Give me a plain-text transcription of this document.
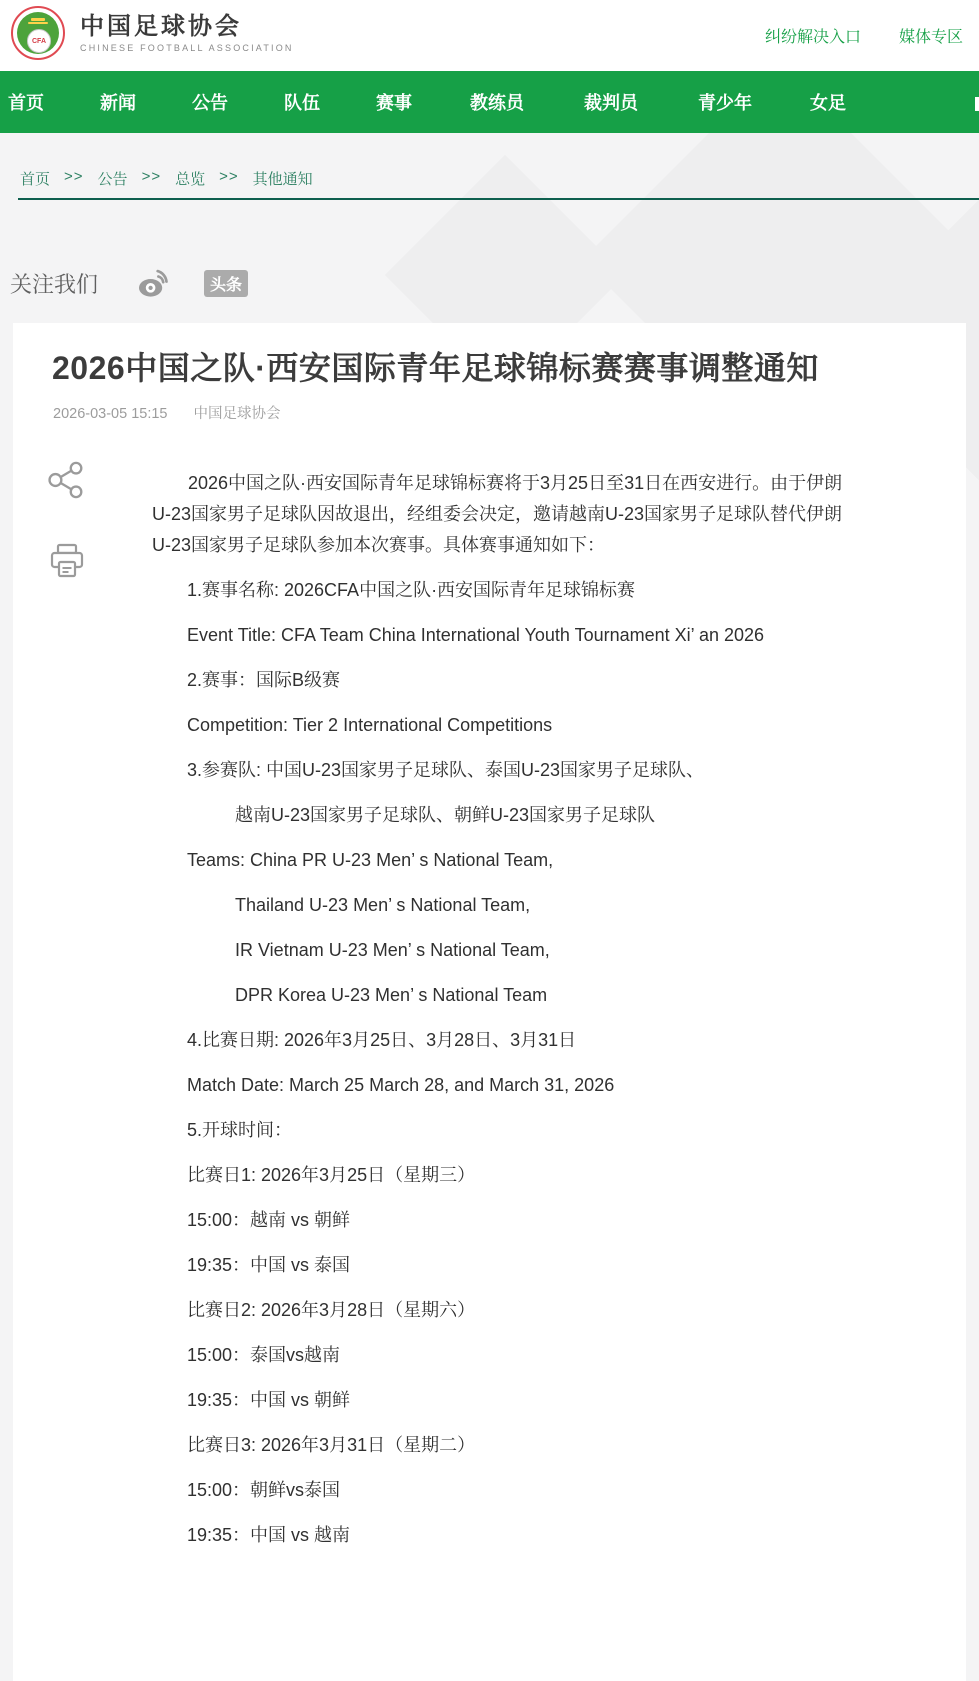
CFA
中国足球协会
CHINESE FOOTBALL ASSOCIATION
纠纷解决入口 媒体专区
首页	新闻	公告	队伍	赛事	教练员	裁判员	青少年	女足
首页 >> 公告 >> 总览 >> 其他通知
关注我们	头条
2026中国之队·西安国际青年足球锦标赛赛事调整通知
2026-03-05 15:15 中国足球协会

2026中国之队·西安国际青年足球锦标赛将于3月25日至31日在西安进行。由于伊朗

U-23国家男子足球队因故退出，经组委会决定，邀请越南U-23国家男子足球队替代伊朗

U-23国家男子足球队参加本次赛事。具体赛事通知如下：

1.赛事名称: 2026CFA中国之队·西安国际青年足球锦标赛

Event Title: CFA Team China International Youth Tournament Xi’ an 2026

2.赛事：国际B级赛

Competition: Tier 2 International Competitions

3.参赛队: 中国U-23国家男子足球队、泰国U-23国家男子足球队、

越南U-23国家男子足球队、朝鲜U-23国家男子足球队

Teams: China PR U-23 Men’ s National Team,

Thailand U-23 Men’ s National Team,

IR Vietnam U-23 Men’ s National Team,

DPR Korea U-23 Men’ s National Team

4.比赛日期: 2026年3月25日、3月28日、3月31日

Match Date: March 25 March 28, and March 31, 2026

5.开球时间：

比赛日1: 2026年3月25日（星期三）

15:00：越南 vs 朝鲜

19:35：中国 vs 泰国

比赛日2: 2026年3月28日（星期六）

15:00：泰国vs越南

19:35：中国 vs 朝鲜

比赛日3: 2026年3月31日（星期二）

15:00：朝鲜vs泰国

19:35：中国 vs 越南
